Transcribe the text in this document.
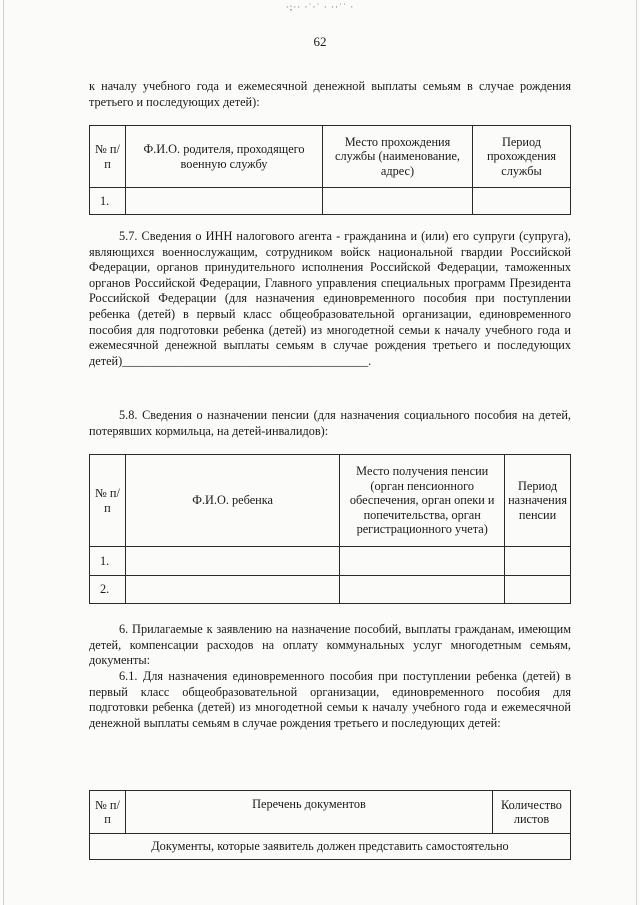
·;·· ·˙·˙ · ··˙˙ ·
62
к началу учебного года и ежемесячной денежной выплаты семьям в случае рождения третьего и последующих детей):
№ п/п	Ф.И.О. родителя, проходящего военную службу	Место прохождения службы (наименование, адрес)	Период прохождения службы
1.			
5.7. Сведения о ИНН налогового агента - гражданина и (или) его супруги (супруга), являющихся военнослужащим, сотрудником войск национальной гвардии Российской Федерации, органов принудительного исполнения Российской Федерации, таможенных органов Российской Федерации, Главного управления специальных программ Президента Российской Федерации (для назначения единовременного пособия при поступлении ребенка (детей) в первый класс общеобразовательной организации, единовременного пособия для подготовки ребенка (детей) из многодетной семьи к началу учебного года и ежемесячной денежной выплаты семьям в случае рождения третьего и последующих детей)________________________________________.
5.8. Сведения о назначении пенсии (для назначения социального пособия на детей, потерявших кормильца, на детей-инвалидов):
№ п/п	Ф.И.О. ребенка	Место получения пенсии (орган пенсионного обеспечения, орган опеки и попечительства, орган регистрационного учета)	Период назначения пенсии
1.			
2.			
6. Прилагаемые к заявлению на назначение пособий, выплаты гражданам, имеющим детей, компенсации расходов на оплату коммунальных услуг многодетным семьям, документы:
6.1. Для назначения единовременного пособия при поступлении ребенка (детей) в первый класс общеобразовательной организации, единовременного пособия для подготовки ребенка (детей) из многодетной семьи к началу учебного года и ежемесячной денежной выплаты семьям в случае рождения третьего и последующих детей:
№ п/п	Перечень документов	Количество листов
Документы, которые заявитель должен представить самостоятельно
